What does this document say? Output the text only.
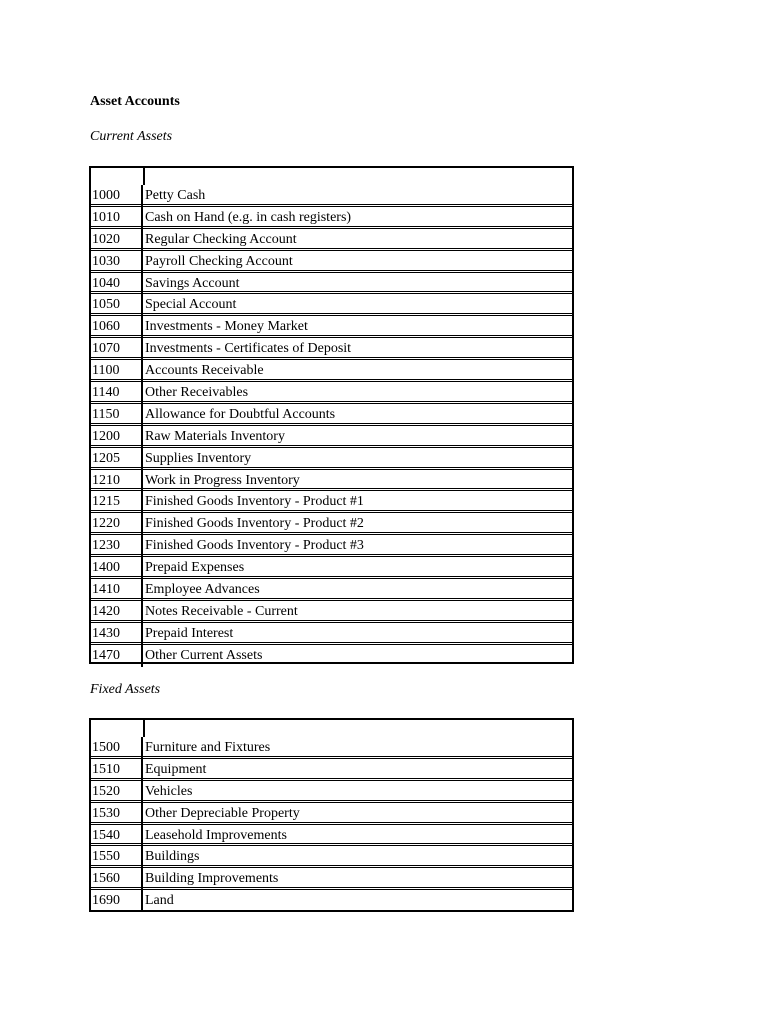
Asset Accounts
Current Assets
1000	Petty Cash
1010	Cash on Hand (e.g. in cash registers)
1020	Regular Checking Account
1030	Payroll Checking Account
1040	Savings Account
1050	Special Account
1060	Investments - Money Market
1070	Investments - Certificates of Deposit
1100	Accounts Receivable
1140	Other Receivables
1150	Allowance for Doubtful Accounts
1200	Raw Materials Inventory
1205	Supplies Inventory
1210	Work in Progress Inventory
1215	Finished Goods Inventory - Product #1
1220	Finished Goods Inventory - Product #2
1230	Finished Goods Inventory - Product #3
1400	Prepaid Expenses
1410	Employee Advances
1420	Notes Receivable - Current
1430	Prepaid Interest
1470	Other Current Assets
Fixed Assets
1500	Furniture and Fixtures
1510	Equipment
1520	Vehicles
1530	Other Depreciable Property
1540	Leasehold Improvements
1550	Buildings
1560	Building Improvements
1690	Land
